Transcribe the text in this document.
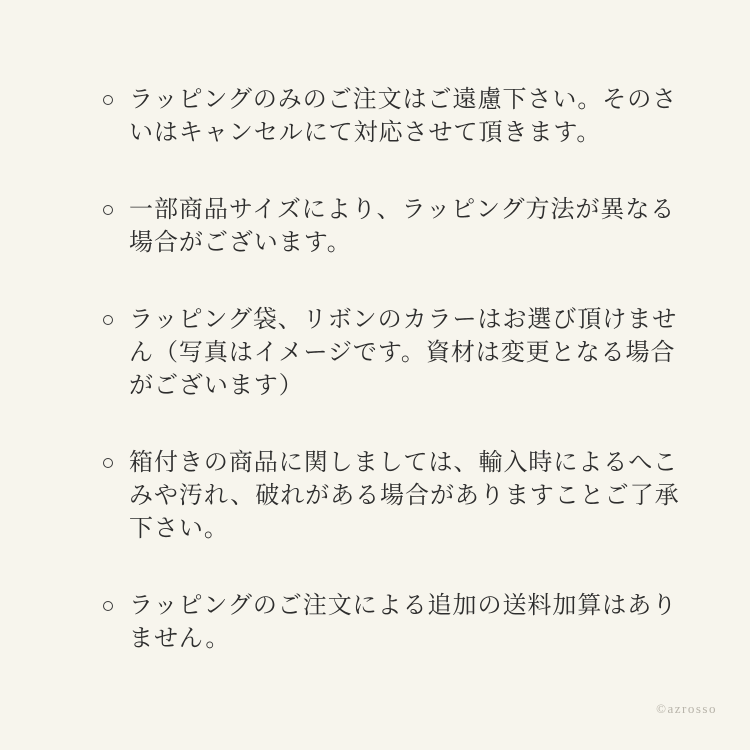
ラッピングのみのご注文はご遠慮下さい。そのさ
いはキャンセルにて対応させて頂きます。
一部商品サイズにより、ラッピング方法が異なる
場合がございます。
ラッピング袋、リボンのカラーはお選び頂けませ
ん（写真はイメージです。資材は変更となる場合
がございます）
箱付きの商品に関しましては、輸入時によるへこ
みや汚れ、破れがある場合がありますことご了承
下さい。
ラッピングのご注文による追加の送料加算はあり
ません。
©azrosso
